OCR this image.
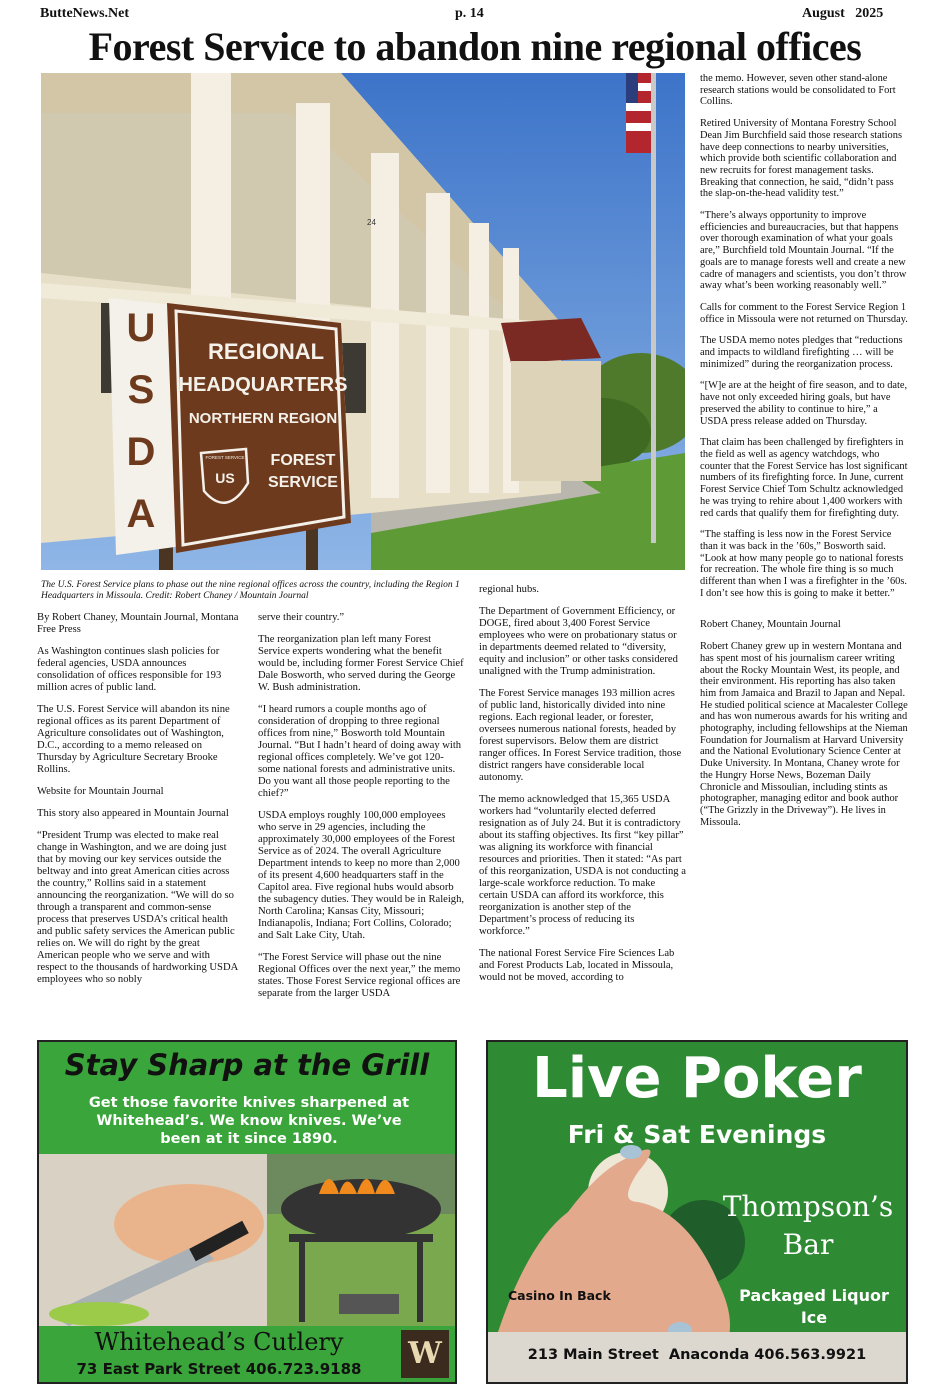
ButteNews.Net	p. 14	August   2025
Forest Service to abandon nine regional offices
U
S
D
A
REGIONAL
HEADQUARTERS
NORTHERN REGION
FOREST
SERVICE
FOREST SERVICE
US
24
The U.S. Forest Service plans to phase out the nine regional offices across the country, including the Region 1 Headquarters in Missoula. Credit: Robert Chaney / Mountain Journal

By Robert Chaney, Mountain Journal, Montana Free Press

As Washington continues slash policies for federal agencies, USDA announces consolidation of offices responsible for 193 million acres of public land.

The U.S. Forest Service will abandon its nine regional offices as its parent Department of Agriculture consolidates out of Washington, D.C., according to a memo released on Thursday by Agriculture Secretary Brooke Rollins.

Website for Mountain Journal

This story also appeared in Mountain Journal

“President Trump was elected to make real change in Washington, and we are doing just that by moving our key services outside the beltway and into great American cities across the country,” Rollins said in a statement announcing the reorganization. “We will do so through a transparent and common-sense process that preserves USDA’s critical health and public safety services the American public relies on. We will do right by the great American people who we serve and with respect to the thousands of hardworking USDA employees who so nobly

serve their country.”

The reorganization plan left many Forest Service experts wondering what the benefit would be, including former Forest Service Chief Dale Bosworth, who served during the George W. Bush administration.

“I heard rumors a couple months ago of consideration of dropping to three regional offices from nine,” Bosworth told Mountain Journal. “But I hadn’t heard of doing away with regional offices completely. We’ve got 120-some national forests and administrative units. Do you want all those people reporting to the chief?”

USDA employs roughly 100,000 employees who serve in 29 agencies, including the approximately 30,000 employees of the Forest Service as of 2024. The overall Agriculture Department intends to keep no more than 2,000 of its present 4,600 headquarters staff in the Capitol area. Five regional hubs would absorb the subagency duties. They would be in Raleigh, North Carolina; Kansas City, Missouri; Indianapolis, Indiana; Fort Collins, Colorado; and Salt Lake City, Utah.

“The Forest Service will phase out the nine Regional Offices over the next year,” the memo states. Those Forest Service regional offices are separate from the larger USDA

regional hubs.

The Department of Government Efficiency, or DOGE, fired about 3,400 Forest Service employees who were on probationary status or in departments deemed related to “diversity, equity and inclusion” or other tasks considered unaligned with the Trump administration.

The Forest Service manages 193 million acres of public land, historically divided into nine regions. Each regional leader, or forester, oversees numerous national forests, headed by forest supervisors. Below them are district ranger offices. In Forest Service tradition, those district rangers have considerable local autonomy.

The memo acknowledged that 15,365 USDA workers had “voluntarily elected deferred resignation as of July 24. But it is contradictory about its staffing objectives. Its first “key pillar” was aligning its workforce with financial resources and priorities. Then it stated: “As part of this reorganization, USDA is not conducting a large-scale workforce reduction. To make certain USDA can afford its workforce, this reorganization is another step of the Department’s process of reducing its workforce.”

The national Forest Service Fire Sciences Lab and Forest Products Lab, located in Missoula, would not be moved, according to

the memo. However, seven other stand-alone research stations would be consolidated to Fort Collins.

Retired University of Montana Forestry School Dean Jim Burchfield said those research stations have deep connections to nearby universities, which provide both scientific collaboration and new recruits for forest management tasks. Breaking that connection, he said, “didn’t pass the slap-on-the-head validity test.”

“There’s always opportunity to improve efficiencies and bureaucracies, but that happens over thorough examination of what your goals are,” Burchfield told Mountain Journal. “If the goals are to manage forests well and create a new cadre of managers and scientists, you don’t throw away what’s been working reasonably well.”

Calls for comment to the Forest Service Region 1 office in Missoula were not returned on Thursday.

The USDA memo notes pledges that “reductions and impacts to wildland firefighting … will be minimized” during the reorganization process.

“[W]e are at the height of fire season, and to date, have not only exceeded hiring goals, but have preserved the ability to continue to hire,” a USDA press release added on Thursday.

That claim has been challenged by firefighters in the field as well as agency watchdogs, who counter that the Forest Service has lost significant numbers of its firefighting force. In June, current Forest Service Chief Tom Schultz acknowledged he was trying to rehire about 1,400 workers with red cards that qualify them for firefighting duty.

“The staffing is less now in the Forest Service than it was back in the ’60s,” Bosworth said. “Look at how many people go to national forests for recreation. The whole fire thing is so much different than when I was a firefighter in the ’60s. I don’t see how this is going to make it better.”

Robert Chaney, Mountain Journal

Robert Chaney grew up in western Montana and has spent most of his journalism career writing about the Rocky Mountain West, its people, and their environment. His reporting has also taken him from Jamaica and Brazil to Japan and Nepal. He studied political science at Macalester College and has won numerous awards for his writing and photography, including fellowships at the Nieman Foundation for Journalism at Harvard University and the National Evolutionary Science Center at Duke University. In Montana, Chaney wrote for the Hungry Horse News, Bozeman Daily Chronicle and Missoulian, including stints as photographer, managing editor and book author (“The Grizzly in the Driveway”). He lives in Missoula.

Stay Sharp at the Grill
Get those favorite knives sharpened at Whitehead’s. We know knives. We’ve been at it since 1890.
Whitehead’s Cutlery
73 East Park Street 406.723.9188	W
Live Poker
Fri & Sat Evenings
Thompson’s
Bar
Casino In Back	Packaged Liquor
Ice
213 Main Street  Anaconda 406.563.9921
